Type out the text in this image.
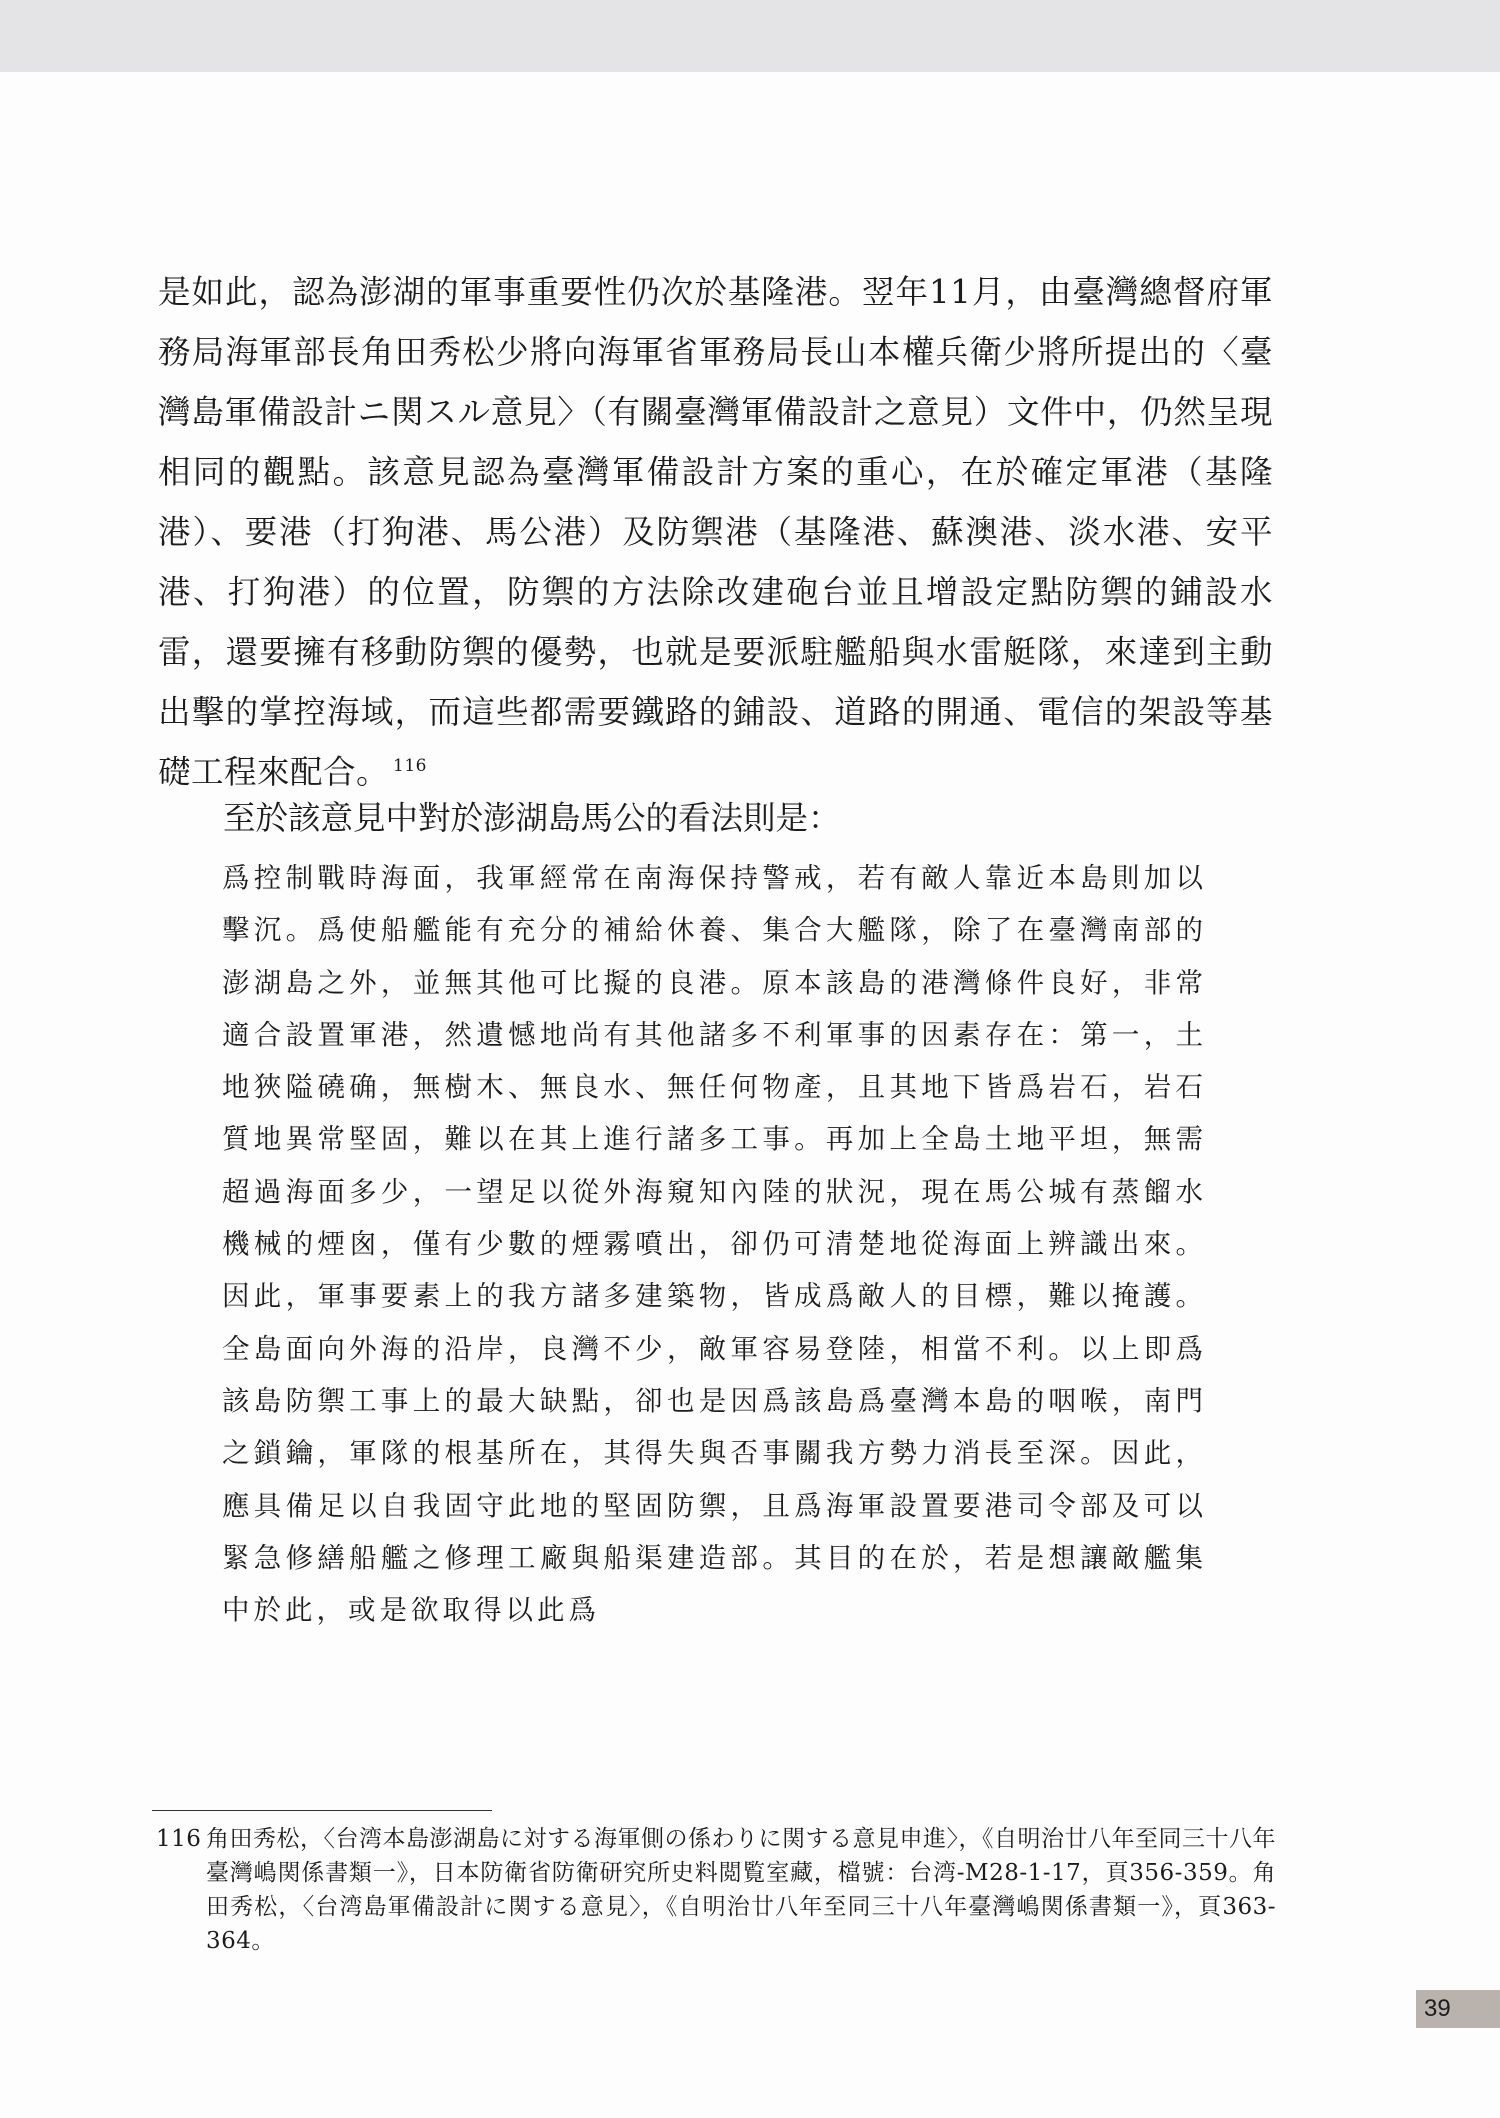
是如此，認為澎湖的軍事重要性仍次於基隆港。翌年11月，由臺灣總督府軍務局海軍部長角田秀松少將向海軍省軍務局長山本權兵衛少將所提出的〈臺灣島軍備設計ニ関スル意見〉（有關臺灣軍備設計之意見）文件中，仍然呈現相同的觀點。該意見認為臺灣軍備設計方案的重心，在於確定軍港（基隆港）、要港（打狗港、馬公港）及防禦港（基隆港、蘇澳港、淡水港、安平港、打狗港）的位置，防禦的方法除改建砲台並且增設定點防禦的鋪設水雷，還要擁有移動防禦的優勢，也就是要派駐艦船與水雷艇隊，來達到主動出擊的掌控海域，而這些都需要鐵路的鋪設、道路的開通、電信的架設等基礎工程來配合。 $^{116}$

至於該意見中對於澎湖島馬公的看法則是：

爲控制戰時海面，我軍經常在南海保持警戒，若有敵人靠近本島則加以擊沉。爲使船艦能有充分的補給休養、集合大艦隊，除了在臺灣南部的澎湖島之外，並無其他可比擬的良港。原本該島的港灣條件良好，非常適合設置軍港，然遺憾地尚有其他諸多不利軍事的因素存在：第一，土地狹隘磽确，無樹木、無良水、無任何物產，且其地下皆爲岩石，岩石質地異常堅固，難以在其上進行諸多工事。再加上全島土地平坦，無需超過海面多少，一望足以從外海窺知內陸的狀況，現在馬公城有蒸餾水機械的煙囪，僅有少數的煙霧噴出，卻仍可清楚地從海面上辨識出來。因此，軍事要素上的我方諸多建築物，皆成爲敵人的目標，難以掩護。全島面向外海的沿岸，良灣不少，敵軍容易登陸，相當不利。以上即爲該島防禦工事上的最大缺點，卻也是因爲該島爲臺灣本島的咽喉，南門之鎖鑰，軍隊的根基所在，其得失與否事關我方勢力消長至深。因此，應具備足以自我固守此地的堅固防禦，且爲海軍設置要港司令部及可以緊急修繕船艦之修理工廠與船渠建造部。其目的在於，若是想讓敵艦集中於此，或是欲取得以此爲

116 角田秀松，〈台湾本島澎湖島に対する海軍側の係わりに関する意見申進〉，《自明治廿八年至同三十八年臺灣嶋関係書類一》，日本防衛省防衛研究所史料閲覧室藏，檔號：台湾-M28-1-17，頁356-359。角田秀松，〈台湾島軍備設計に関する意見〉，《自明治廿八年至同三十八年臺灣嶋関係書類一》，頁363-364。

39
